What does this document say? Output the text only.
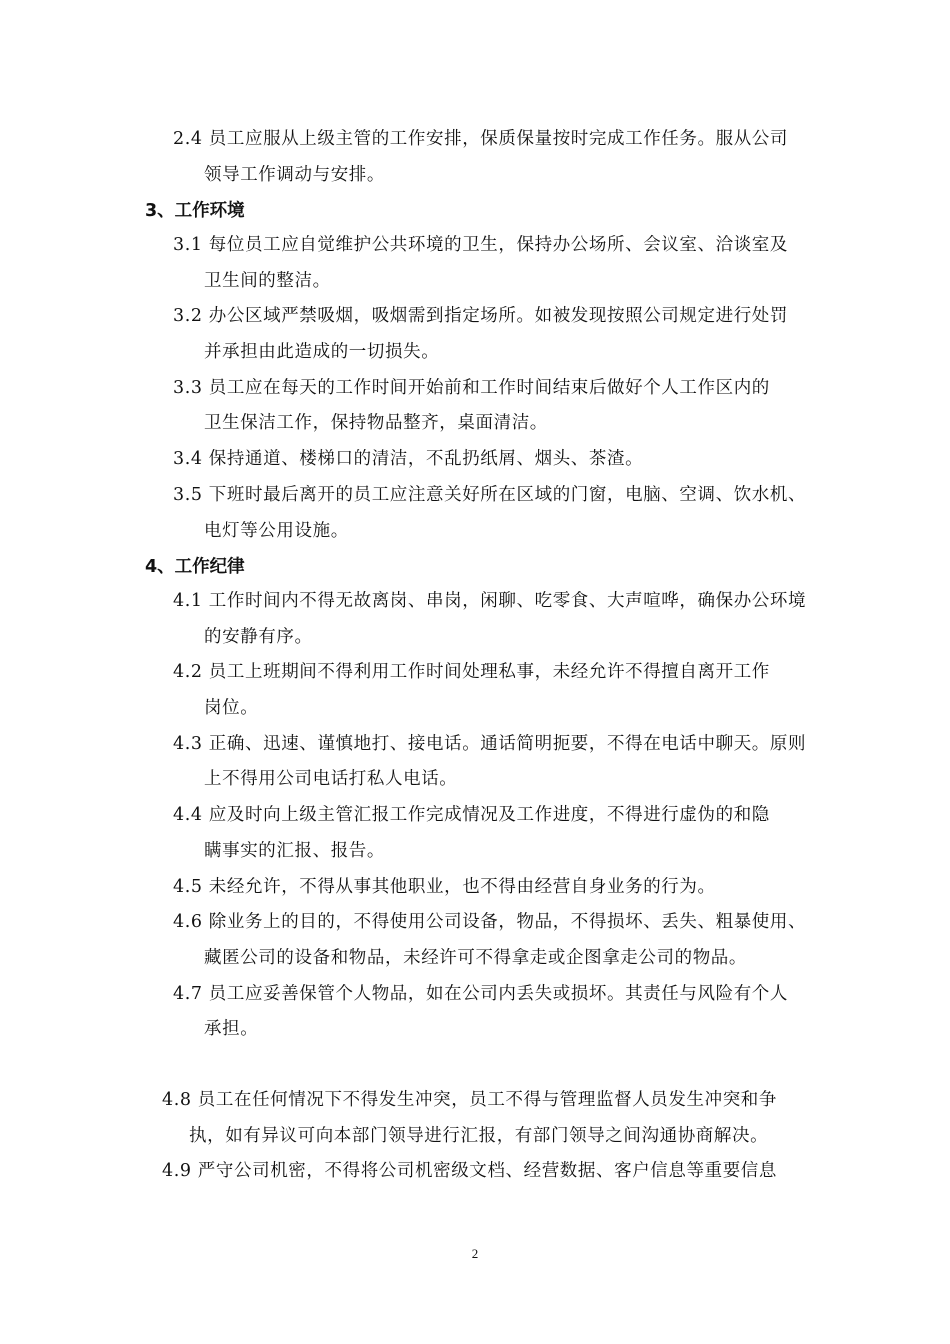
2.4 员工应服从上级主管的工作安排，保质保量按时完成工作任务。服从公司
领导工作调动与安排。
3、工作环境
3.1 每位员工应自觉维护公共环境的卫生，保持办公场所、会议室、洽谈室及
卫生间的整洁。
3.2 办公区域严禁吸烟，吸烟需到指定场所。如被发现按照公司规定进行处罚
并承担由此造成的一切损失。
3.3 员工应在每天的工作时间开始前和工作时间结束后做好个人工作区内的
卫生保洁工作，保持物品整齐，桌面清洁。
3.4 保持通道、楼梯口的清洁，不乱扔纸屑、烟头、茶渣。
3.5 下班时最后离开的员工应注意关好所在区域的门窗，电脑、空调、饮水机、
电灯等公用设施。
4、工作纪律
4.1 工作时间内不得无故离岗、串岗，闲聊、吃零食、大声喧哗，确保办公环境
的安静有序。
4.2 员工上班期间不得利用工作时间处理私事，未经允许不得擅自离开工作
岗位。
4.3 正确、迅速、谨慎地打、接电话。通话简明扼要，不得在电话中聊天。原则
上不得用公司电话打私人电话。
4.4 应及时向上级主管汇报工作完成情况及工作进度，不得进行虚伪的和隐
瞒事实的汇报、报告。
4.5 未经允许，不得从事其他职业，也不得由经营自身业务的行为。
4.6 除业务上的目的，不得使用公司设备，物品，不得损坏、丢失、粗暴使用、
藏匿公司的设备和物品，未经许可不得拿走或企图拿走公司的物品。
4.7 员工应妥善保管个人物品，如在公司内丢失或损坏。其责任与风险有个人
承担。
4.8 员工在任何情况下不得发生冲突，员工不得与管理监督人员发生冲突和争
执，如有异议可向本部门领导进行汇报，有部门领导之间沟通协商解决。
4.9 严守公司机密，不得将公司机密级文档、经营数据、客户信息等重要信息
2
